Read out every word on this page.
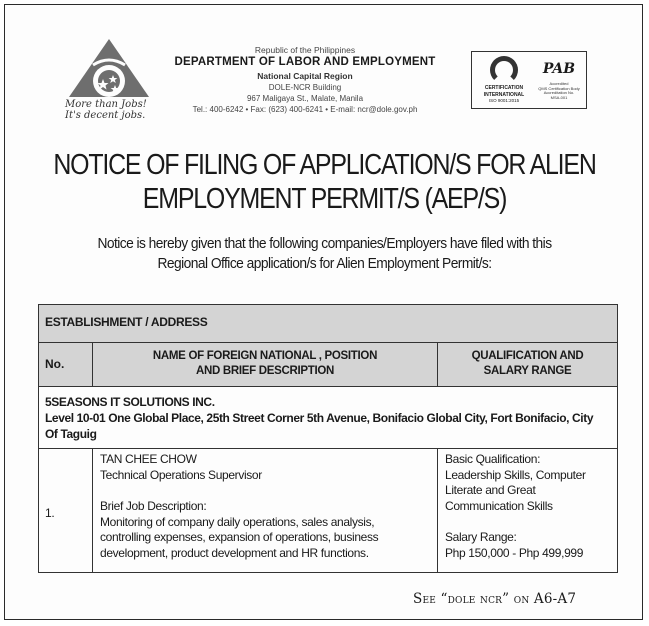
More than Jobs!
It's decent jobs.
Republic of the Philippines
DEPARTMENT OF LABOR AND EMPLOYMENT
National Capital Region
DOLE-NCR Building
967 Maligaya St., Malate, Manila
Tel.: 400-6242 • Fax: (623) 400-6241 • E-mail: ncr@dole.gov.ph
CERTIFICATION
INTERNATIONAL
ISO 9001:2015
PAB
Accredited
QMS Certification Body
Accreditation No.
MSA-001
NOTICE OF FILING OF APPLICATION/S FOR ALIEN
EMPLOYMENT PERMIT/S (AEP/S)
Notice is hereby given that the following companies/Employers have filed with this
Regional Office application/s for Alien Employment Permit/s:
ESTABLISHMENT / ADDRESS
No.
NAME OF FOREIGN NATIONAL , POSITION
AND BRIEF DESCRIPTION
QUALIFICATION AND
SALARY RANGE
5SEASONS IT SOLUTIONS INC.
Level 10-01 One Global Place, 25th Street Corner 5th Avenue, Bonifacio Global City, Fort Bonifacio, City Of Taguig
1.
TAN CHEE CHOW
Technical Operations Supervisor
Brief Job Description:
Monitoring of company daily operations, sales analysis,
controlling expenses, expansion of operations, business
development, product development and HR functions.
Basic Qualification:
Leadership Skills, Computer
Literate and Great
Communication Skills
Salary Range:
Php 150,000 - Php 499,999
See “dole ncr” on A6-A7
